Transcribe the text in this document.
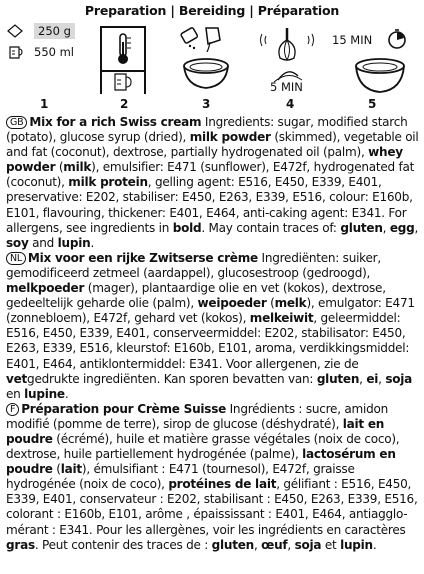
Preparation | Bereiding | Préparation
250 g
550 ml
5 MIN
15 MIN
1	2	3	4	5

GB Mix for a rich Swiss cream Ingredients: sugar, modified starch (potato), glucose syrup (dried), milk powder (skimmed), vegetable oil and fat (coconut), dextrose, partially hydrogenated oil (palm), whey powder (milk), emulsifier: E471 (sunflower), E472f, hydrogenated fat (coconut), milk protein, gelling agent: E516, E450, E339, E401, preservative: E202, stabiliser: E450, E263, E339, E516, colour: E160b, E101, flavouring, thickener: E401, E464, anti-caking agent: E341. For allergens, see ingredients in bold. May contain traces of: gluten, egg, soy and lupin.

NL Mix voor een rijke Zwitserse crème Ingrediënten: suiker, gemodificeerd zetmeel (aardappel), glucosestroop (gedroogd), melkpoeder (mager), plantaardige olie en vet (kokos), dextrose, gedeeltelijk geharde olie (palm), weipoeder (melk), emulgator: E471 (zonnebloem), E472f, gehard vet (kokos), melkeiwit, geleermiddel: E516, E450, E339, E401, conserveermiddel: E202, stabilisator: E450, E263, E339, E516, kleurstof: E160b, E101, aroma, verdikkingsmiddel: E401, E464, antiklontermiddel: E341. Voor allergenen, zie de vetgedrukte ingrediënten. Kan sporen bevatten van: gluten, ei, soja en lupine.

F Préparation pour Crème Suisse Ingrédients : sucre, amidon modifié (pomme de terre), sirop de glucose (déshydraté), lait en poudre (écrémé), huile et matière grasse végétales (noix de coco), dextrose, huile partiellement hydrogénée (palme), lactosérum en poudre (lait), émulsifiant : E471 (tournesol), E472f, graisse hydrogénée (noix de coco), protéines de lait, gélifiant : E516, E450, E339, E401, conservateur : E202, stabilisant : E450, E263, E339, E516, colorant : E160b, E101, arôme , épaississant : E401, E464, antiagglo-mérant : E341. Pour les allergènes, voir les ingrédients en caractères gras. Peut contenir des traces de : gluten, œuf, soja et lupin.
